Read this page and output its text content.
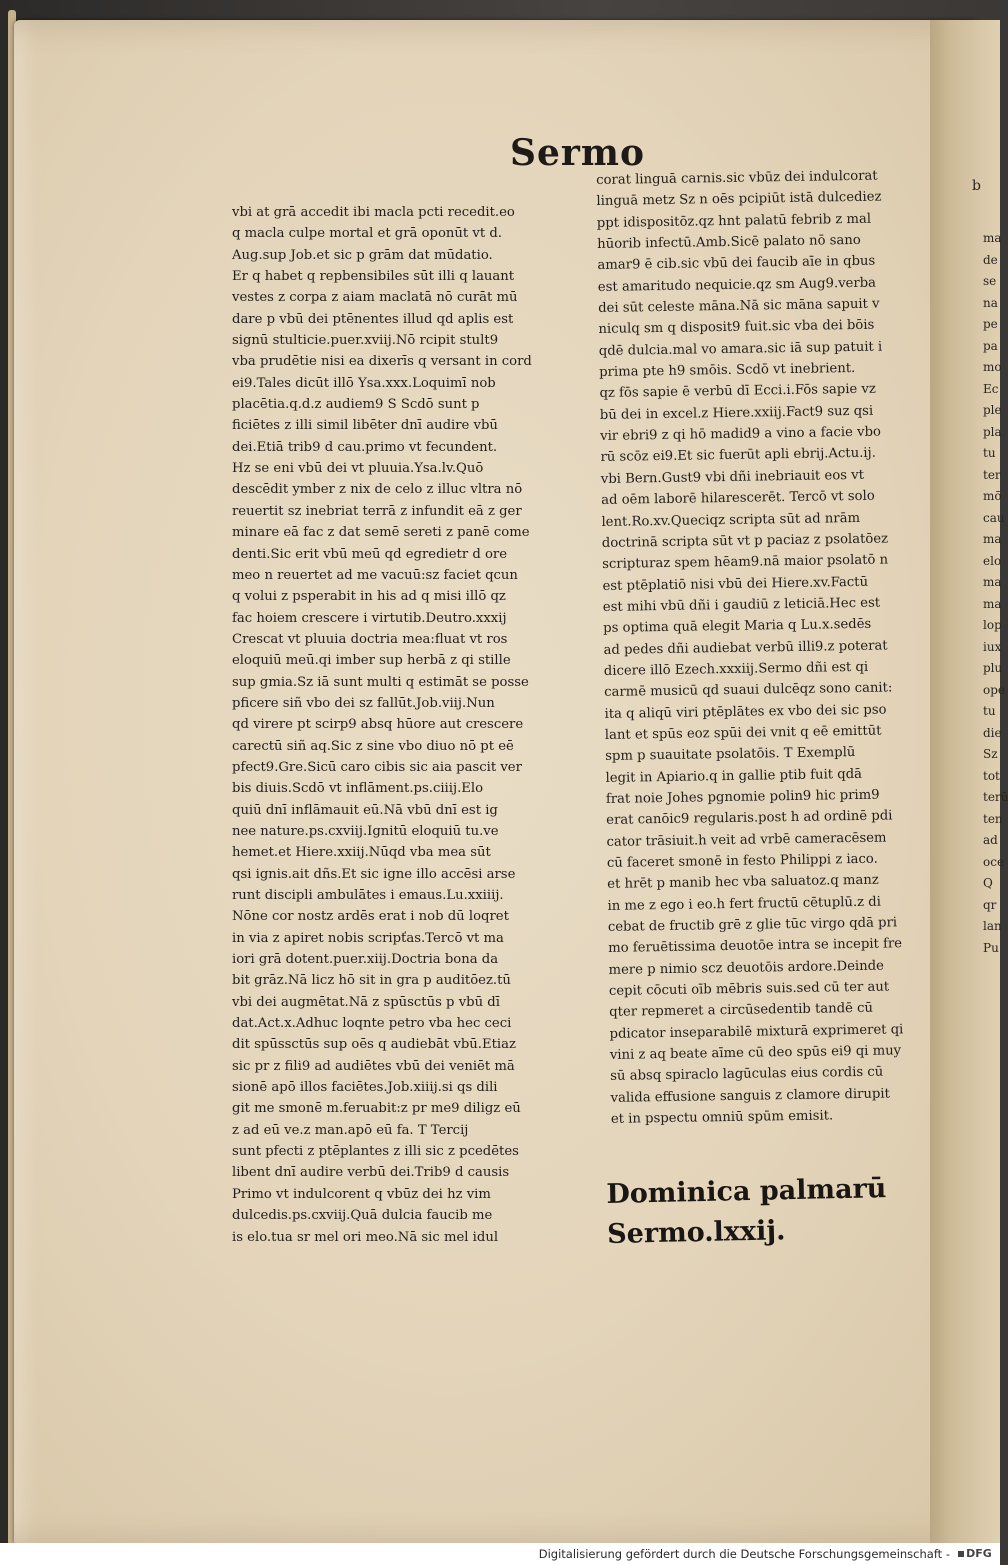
b
ma
de
se
na
pe
pa
mo
Ec
ple
pla
tu
ter
mō
cau
ma
elo
ma
ma
lop
iux
plu
ope
tu
die
Sz
tot
terū
ten
ad
oce
Q
qr
lan
Pu
Sermo
vbi at grā accedit ibi macla pcti recedit.eo
q macla culpe mortal et grā oponūt vt d.
Aug.sup Job.et sic p grām dat mūdatio.
Er q habet q repbensibiles sūt illi q lauant
vestes z corpa z aiam maclatā nō curāt mū
dare p vbū dei ptēnentes illud qd aplis est
signū stulticie.puer.xviij.Nō rcipit stult9
vba prudētie nisi ea dixerīs q versant in cord
ei9.Tales dicūt illō Ysa.xxx.Loquimī nob
placētia.q.d.z audiem9 S Scdō sunt p
ficiētes z illi simil libēter dnī audire vbū
dei.Etiā trib9 d cau.primo vt fecundent.
Hz se eni vbū dei vt pluuia.Ysa.lv.Quō
descēdit ymber z nix de celo z illuc vltra nō
reuertit sz inebriat terrā z infundit eā z ger
minare eā fac z dat semē sereti z panē come
denti.Sic erit vbū meū qd egredietr d ore
meo n reuertet ad me vacuū:sz faciet qcun
q volui z psperabit in his ad q misi illō qz
fac hoiem crescere i virtutib.Deutro.xxxij
Crescat vt pluuia doctria mea:fluat vt ros
eloquiū meū.qi imber sup herbā z qi stille
sup gmia.Sz iā sunt multi q estimāt se posse
pficere siñ vbo dei sz fallūt.Job.viij.Nun
qd virere pt scirp9 absq hūore aut crescere
carectū siñ aq.Sic z sine vbo diuo nō pt eē
pfect9.Gre.Sicū caro cibis sic aia pascit ver
bis diuis.Scdō vt inflāment.ps.ciiij.Elo
quiū dnī inflāmauit eū.Nā vbū dnī est ig
nee nature.ps.cxviij.Ignitū eloquiū tu.ve
hemet.et Hiere.xxiij.Nūqd vba mea sūt
qsi ignis.ait dñs.Et sic igne illo accēsi arse
runt discipli ambulātes i emaus.Lu.xxiiij.
Nōne cor nostz ardēs erat i nob dū loqret
in via z apiret nobis scripťas.Tercō vt ma
iori grā dotent.puer.xiij.Doctria bona da
bit grāz.Nā licz hō sit in gra p auditōez.tū
vbi dei augmētat.Nā z spūsctūs p vbū dī
dat.Act.x.Adhuc loqnte petro vba hec ceci
dit spūssctūs sup oēs q audiebāt vbū.Etiaz
sic pr z fili9 ad audiētes vbū dei veniēt mā
sionē apō illos faciētes.Job.xiiij.si qs dili
git me smonē m.feruabit:z pr me9 diligz eū
z ad eū ve.z man.apō eū fa. T Tercij
sunt pfecti z ptēplantes z illi sic z pcedētes
libent dnī audire verbū dei.Trib9 d causis
Primo vt indulcorent q vbūz dei hz vim
dulcedis.ps.cxviij.Quā dulcia faucib me
is elo.tua sr mel ori meo.Nā sic mel idul
corat linguā carnis.sic vbūz dei indulcorat
linguā metz Sz n oēs pcipiūt istā dulcediez
ppt idispositōz.qz hnt palatū febrib z mal
hūorib infectū.Amb.Sicē palato nō sano
amar9 ē cib.sic vbū dei faucib aīe in qbus
est amaritudo nequicie.qz sm Aug9.verba
dei sūt celeste māna.Nā sic māna sapuit v
niculq sm q disposit9 fuit.sic vba dei bōis
qdē dulcia.mal vo amara.sic iā sup patuit i
prima pte h9 smōis. Scdō vt inebrient.
qz fōs sapie ē verbū dī Ecci.i.Fōs sapie vz
bū dei in excel.z Hiere.xxiij.Fact9 suz qsi
vir ebri9 z qi hō madid9 a vino a facie vbo
rū scōz ei9.Et sic fuerūt apli ebrij.Actu.ij.
vbi Bern.Gust9 vbi dñi inebriauit eos vt
ad oēm laborē hilarescerēt. Tercō vt solo
lent.Ro.xv.Queciqz scripta sūt ad nrām
doctrinā scripta sūt vt p paciaz z psolatōez
scripturaz spem hēam9.nā maior psolatō n
est ptēplatiō nisi vbū dei Hiere.xv.Factū
est mihi vbū dñi i gaudiū z leticiā.Hec est
ps optima quā elegit Maria q Lu.x.sedēs
ad pedes dñi audiebat verbū illi9.z poterat
dicere illō Ezech.xxxiij.Sermo dñi est qi
carmē musicū qd suaui dulcēqz sono canit:
ita q aliqū viri ptēplātes ex vbo dei sic pso
lant et spūs eoz spūi dei vnit q eē emittūt
spm p suauitate psolatōis. T Exemplū
legit in Apiario.q in gallie ptib fuit qdā
frat noie Johes pgnomie polin9 hic prim9
erat canōic9 regularis.post h ad ordinē pdi
cator trāsiuit.h veit ad vrbē cameracēsem
cū faceret smonē in festo Philippi z iaco.
et hrēt p manib hec vba saluatoz.q manz
in me z ego i eo.h fert fructū cētuplū.z di
cebat de fructib grē z glie tūc virgo qdā pri
mo feruētissima deuotōe intra se incepit fre
mere p nimio scz deuotōis ardore.Deinde
cepit cōcuti oīb mēbris suis.sed cū ter aut
qter repmeret a circūsedentib tandē cū
pdicator inseparabilē mixturā exprimeret qi
vini z aq beate aīme cū deo spūs ei9 qi muy
sū absq spiraclo lagūculas eius cordis cū
valida effusione sanguis z clamore dirupit
et in pspectu omniū spūm emisit.
Dominica palmarū
Sermo.lxxij.
Digitalisierung gefördert durch die Deutsche Forschungsgemeinschaft - DFG
